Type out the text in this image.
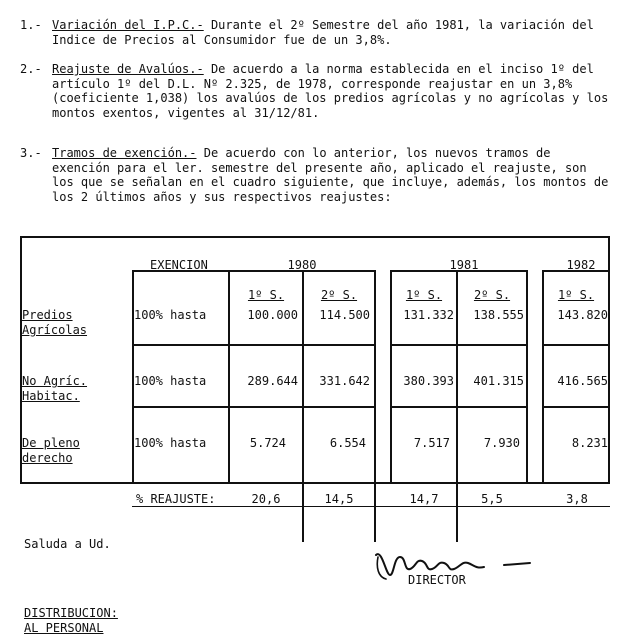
1.- Variación del I.P.C.- Durante el 2º Semestre del año 1981, la variación del Indice de Precios al Consumidor fue de un 3,8%.
2.- Reajuste de Avalúos.- De acuerdo a la norma establecida en el inciso 1º del artículo 1º del D.L. Nº 2.325, de 1978, corresponde reajustar en un 3,8% (coeficiente 1,038) los avalúos de los predios agrícolas y no agrícolas y los montos exentos, vigentes al 31/12/81.
3.- Tramos de exención.- De acuerdo con lo anterior, los nuevos tramos de exención para el ler. semestre del presente año, aplicado el reajuste, son los que se señalan en el cuadro siguiente, que incluye, además, los montos de los 2 últimos años y sus respectivos reajustes:
EXENCION	1980	1981	1982
1º S.	2º S.	1º S.	2º S.	1º S.
Predios
Agrícolas
100% hasta	100.000	114.500	131.332	138.555	143.820
No Agríc.
Habitac.
100% hasta	289.644	331.642	380.393	401.315	416.565
De pleno
derecho
100% hasta	5.724	6.554	7.517	7.930	8.231
% REAJUSTE:	20,6	14,5	14,7	5,5	3,8
Saluda a Ud.
DIRECTOR
DISTRIBUCION:
AL PERSONAL
